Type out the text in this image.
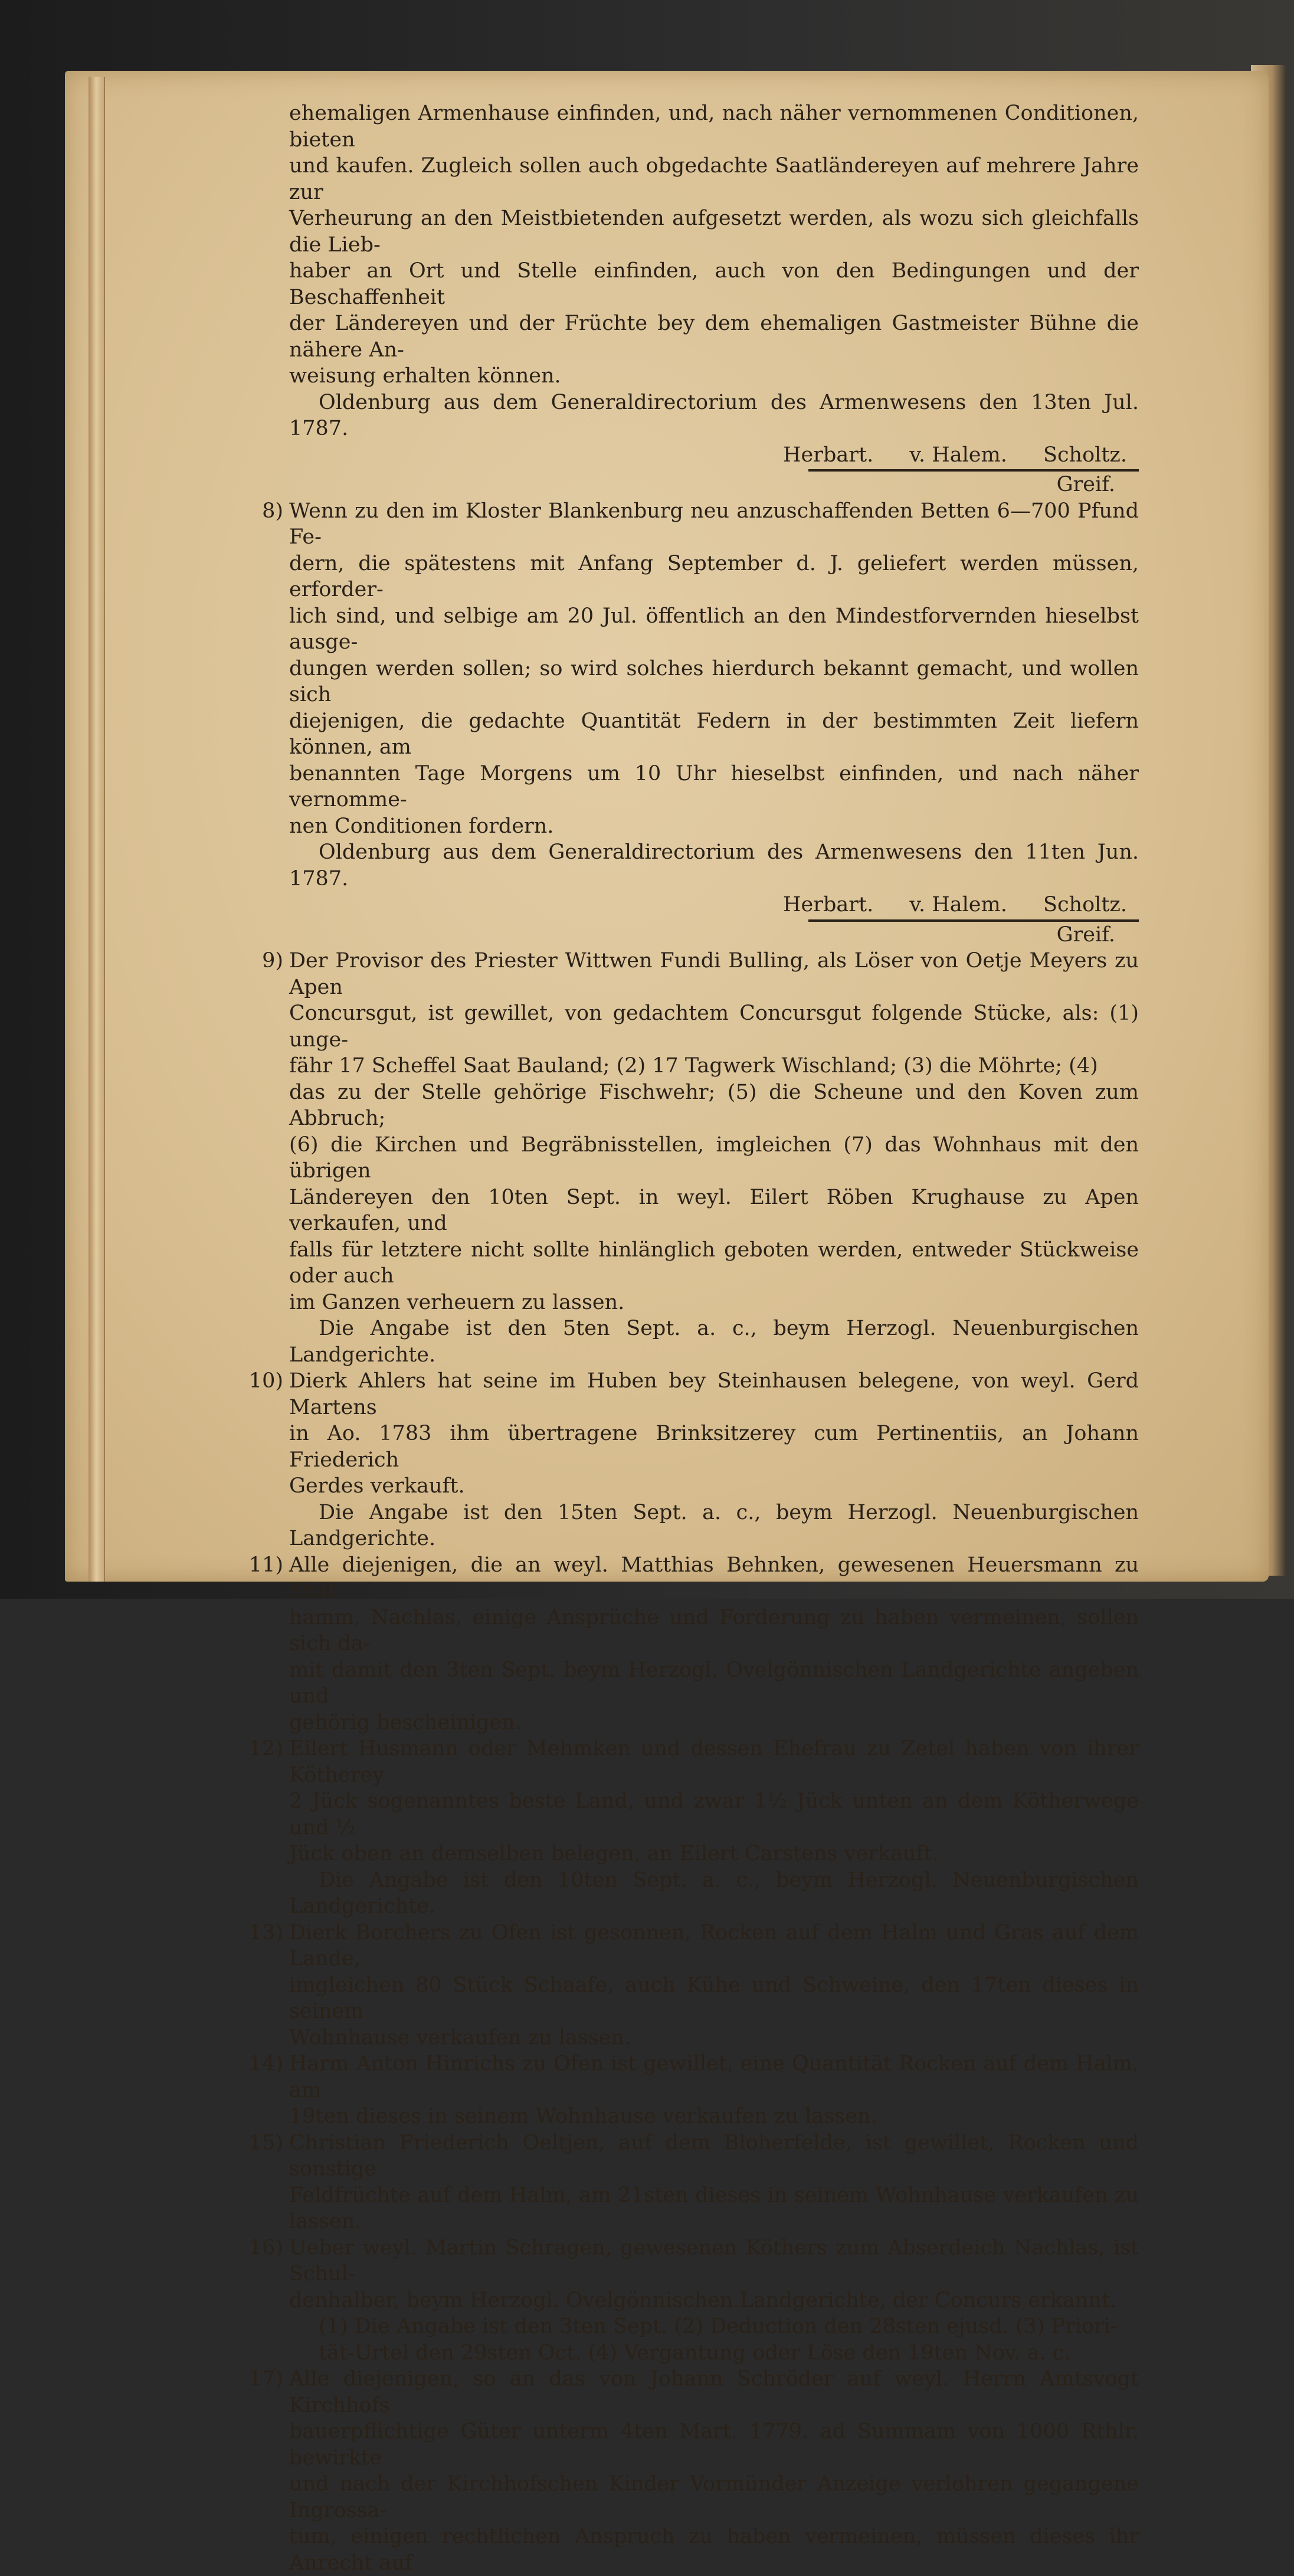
ehemaligen Armenhause einfinden, und, nach näher vernommenen Conditionen, bieten

und kaufen. Zugleich sollen auch obgedachte Saatländereyen auf mehrere Jahre zur

Verheurung an den Meistbietenden aufgesetzt werden, als wozu sich gleichfalls die Lieb-

haber an Ort und Stelle einfinden, auch von den Bedingungen und der Beschaffenheit

der Ländereyen und der Früchte bey dem ehemaligen Gastmeister Bühne die nähere An-

weisung erhalten können.

Oldenburg aus dem Generaldirectorium des Armenwesens den 13ten Jul. 1787.

Herbart. v. Halem. Scholtz.

Greif.

8) Wenn zu den im Kloster Blankenburg neu anzuschaffenden Betten 6—700 Pfund Fe-

dern, die spätestens mit Anfang September d. J. geliefert werden müssen, erforder-

lich sind, und selbige am 20 Jul. öffentlich an den Mindestforvernden hieselbst ausge-

dungen werden sollen; so wird solches hierdurch bekannt gemacht, und wollen sich

diejenigen, die gedachte Quantität Federn in der bestimmten Zeit liefern können, am

benannten Tage Morgens um 10 Uhr hieselbst einfinden, und nach näher vernomme-

nen Conditionen fordern.

Oldenburg aus dem Generaldirectorium des Armenwesens den 11ten Jun. 1787.

Herbart. v. Halem. Scholtz.

Greif.

9) Der Provisor des Priester Wittwen Fundi Bulling, als Löser von Oetje Meyers zu Apen

Concursgut, ist gewillet, von gedachtem Concursgut folgende Stücke, als: (1) unge-

fähr 17 Scheffel Saat Bauland; (2) 17 Tagwerk Wischland; (3) die Möhrte; (4)

das zu der Stelle gehörige Fischwehr; (5) die Scheune und den Koven zum Abbruch;

(6) die Kirchen und Begräbnisstellen, imgleichen (7) das Wohnhaus mit den übrigen

Ländereyen den 10ten Sept. in weyl. Eilert Röben Krughause zu Apen verkaufen, und

falls für letztere nicht sollte hinlänglich geboten werden, entweder Stückweise oder auch

im Ganzen verheuern zu lassen.

Die Angabe ist den 5ten Sept. a. c., beym Herzogl. Neuenburgischen Landgerichte.

10) Dierk Ahlers hat seine im Huben bey Steinhausen belegene, von weyl. Gerd Martens

in Ao. 1783 ihm übertragene Brinksitzerey cum Pertinentiis, an Johann Friederich

Gerdes verkauft.

Die Angabe ist den 15ten Sept. a. c., beym Herzogl. Neuenburgischen Landgerichte.

11) Alle diejenigen, die an weyl. Matthias Behnken, gewesenen Heuersmann zu Stoll-

hamm, Nachlas, einige Ansprüche und Forderung zu haben vermeinen, sollen sich da-

mit damit den 3ten Sept. beym Herzogl. Ovelgönnischen Landgerichte angeben und

gehörig bescheinigen.

12) Eilert Husmann oder Mehmken und dessen Ehefrau zu Zetel haben von ihrer Kötherey

2 Jück sogenanntes beste Land, und zwar 1½ Jück unten an dem Kötherwege und ½

Jück oben an demselben belegen, an Eilert Carstens verkauft.

Die Angabe ist den 10ten Sept. a. c., beym Herzogl. Neuenburgischen Landgerichte.

13) Dierk Borchers zu Ofen ist gesonnen, Rocken auf dem Halm und Gras auf dem Lande,

imgleichen 80 Stück Schaafe, auch Kühe und Schweine, den 17ten dieses in seinem

Wohnhause verkaufen zu lassen.

14) Harm Anton Hinrichs zu Ofen ist gewillet, eine Quantität Rocken auf dem Halm, am

19ten dieses in seinem Wohnhause verkaufen zu lassen.

15) Christian Friederich Oeltjen, auf dem Bloherfelde, ist gewillet, Rocken und sonstige

Feldfrüchte auf dem Halm, am 21sten dieses in seinem Wohnhause verkaufen zu lassen.

16) Ueber weyl. Martin Schragen, gewesenen Köthers zum Abserdeich Nachlas, ist Schul-

denhalber, beym Herzogl. Ovelgönnischen Landgerichte, der Concurs erkannt.

(1) Die Angabe ist den 3ten Sept. (2) Deduction den 28sten ejusd. (3) Priori-

tät-Urtel den 29sten Oct. (4) Vergantung oder Löse den 19ten Nov. a. c.

17) Alle diejenigen, so an das von Johann Schröder auf weyl. Herrn Amtsvogt Kirchhofs

bauerpflichtige Güter unterm 4ten Mart. 1779. ad Summam von 1000 Rthlr. bewirkte

und nach der Kirchhofschen Kinder Vormünder Anzeige verlohren gegangene Ingrossa-

tum, einigen rechtlichen Anspruch zu haben vermeinen, müssen dieses ihr Anrecht auf
